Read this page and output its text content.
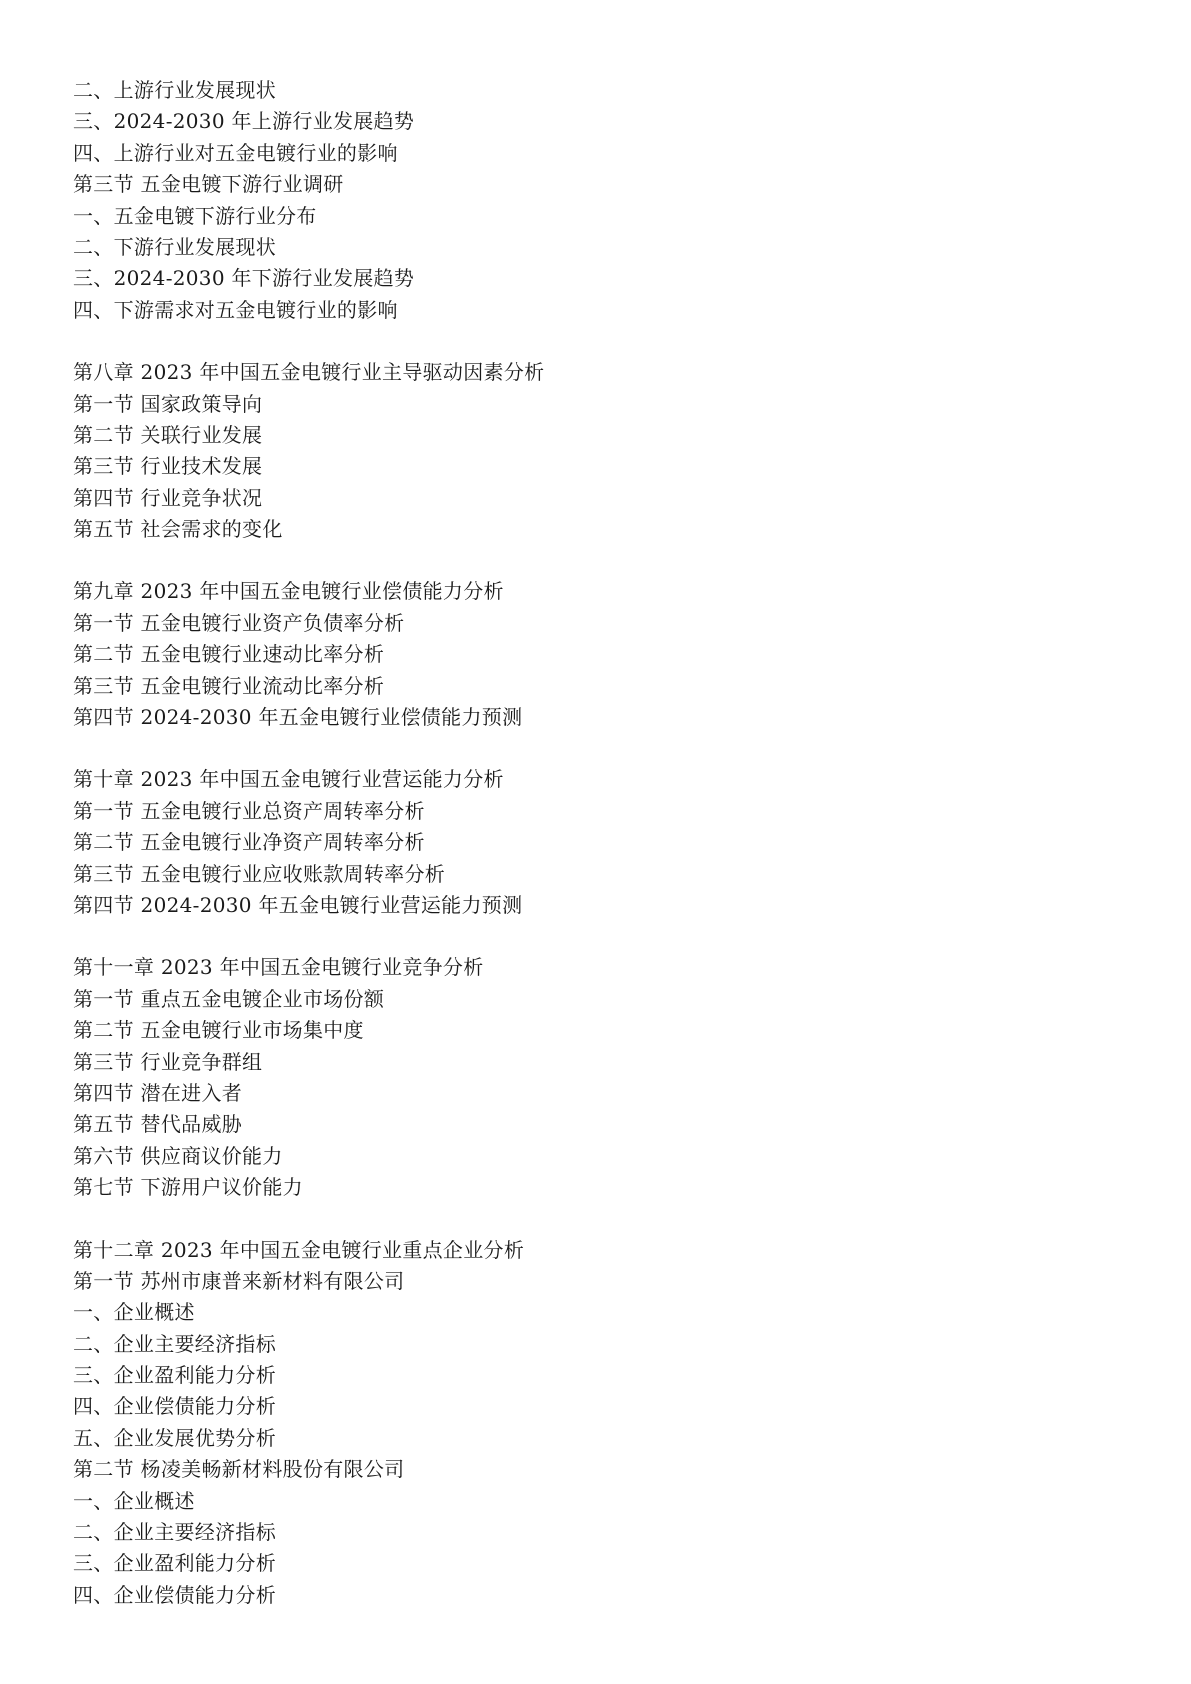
二、上游行业发展现状
三、2024-2030 年上游行业发展趋势
四、上游行业对五金电镀行业的影响
第三节 五金电镀下游行业调研
一、五金电镀下游行业分布
二、下游行业发展现状
三、2024-2030 年下游行业发展趋势
四、下游需求对五金电镀行业的影响
第八章 2023 年中国五金电镀行业主导驱动因素分析
第一节 国家政策导向
第二节 关联行业发展
第三节 行业技术发展
第四节 行业竞争状况
第五节 社会需求的变化
第九章 2023 年中国五金电镀行业偿债能力分析
第一节 五金电镀行业资产负债率分析
第二节 五金电镀行业速动比率分析
第三节 五金电镀行业流动比率分析
第四节 2024-2030 年五金电镀行业偿债能力预测
第十章 2023 年中国五金电镀行业营运能力分析
第一节 五金电镀行业总资产周转率分析
第二节 五金电镀行业净资产周转率分析
第三节 五金电镀行业应收账款周转率分析
第四节 2024-2030 年五金电镀行业营运能力预测
第十一章 2023 年中国五金电镀行业竞争分析
第一节 重点五金电镀企业市场份额
第二节 五金电镀行业市场集中度
第三节 行业竞争群组
第四节 潜在进入者
第五节 替代品威胁
第六节 供应商议价能力
第七节 下游用户议价能力
第十二章 2023 年中国五金电镀行业重点企业分析
第一节 苏州市康普来新材料有限公司
一、企业概述
二、企业主要经济指标
三、企业盈利能力分析
四、企业偿债能力分析
五、企业发展优势分析
第二节 杨凌美畅新材料股份有限公司
一、企业概述
二、企业主要经济指标
三、企业盈利能力分析
四、企业偿债能力分析
